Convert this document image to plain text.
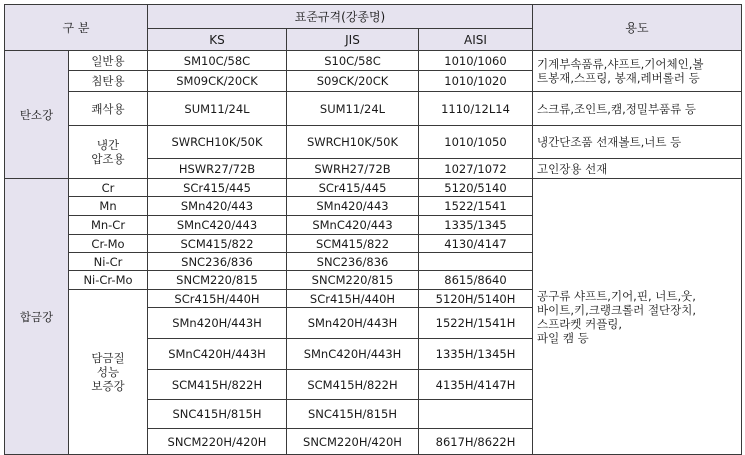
구 분		표준규격(강종명)			용도
		KS	JIS	AISI	
탄소강	일반용	SM10C/58C	S10C/58C	1010/1060	기계부속품류,샤프트,기어체인,볼
트봉재,스프링, 봉재,레버롤러 등

	침탄용	SM09CK/20CK	S09CK/20CK	1010/1020	
	쾌삭용	SUM11/24L	SUM11/24L	1110/12L14	스크류,조인트,캠,정밀부품류 등

	냉간
압조용	SWRCH10K/50K	SWRCH10K/50K	1010/1050	냉간단조품 선재볼트,너트 등
		HSWR27/72B	SWRH27/72B	1027/1072	고인장용 선재
합금강	Cr	SCr415/445	SCr415/445	5120/5140	공구류 샤프트,기어,핀, 너트,웃,
바이트,키,크랭크롤러 절단장치,
스프라켓 커플링,
파일 캠 등

	Mn	SMn420/443	SMn420/443	1522/1541	
	Mn-Cr	SMnC420/443	SMnC420/443	1335/1345	
	Cr-Mo	SCM415/822	SCM415/822	4130/4147	
	Ni-Cr	SNC236/836	SNC236/836		
	Ni-Cr-Mo	SNCM220/815	SNCM220/815	8615/8640	

	담금질
성능
보증강	SCr415H/440H	SCr415H/440H	5120H/5140H	
		SMn420H/443H	SMn420H/443H	1522H/1541H	
		SMnC420H/443H	SMnC420H/443H	1335H/1345H	
		SCM415H/822H	SCM415H/822H	4135H/4147H	
		SNC415H/815H	SNC415H/815H		
		SNCM220H/420H	SNCM220H/420H	8617H/8622H	
